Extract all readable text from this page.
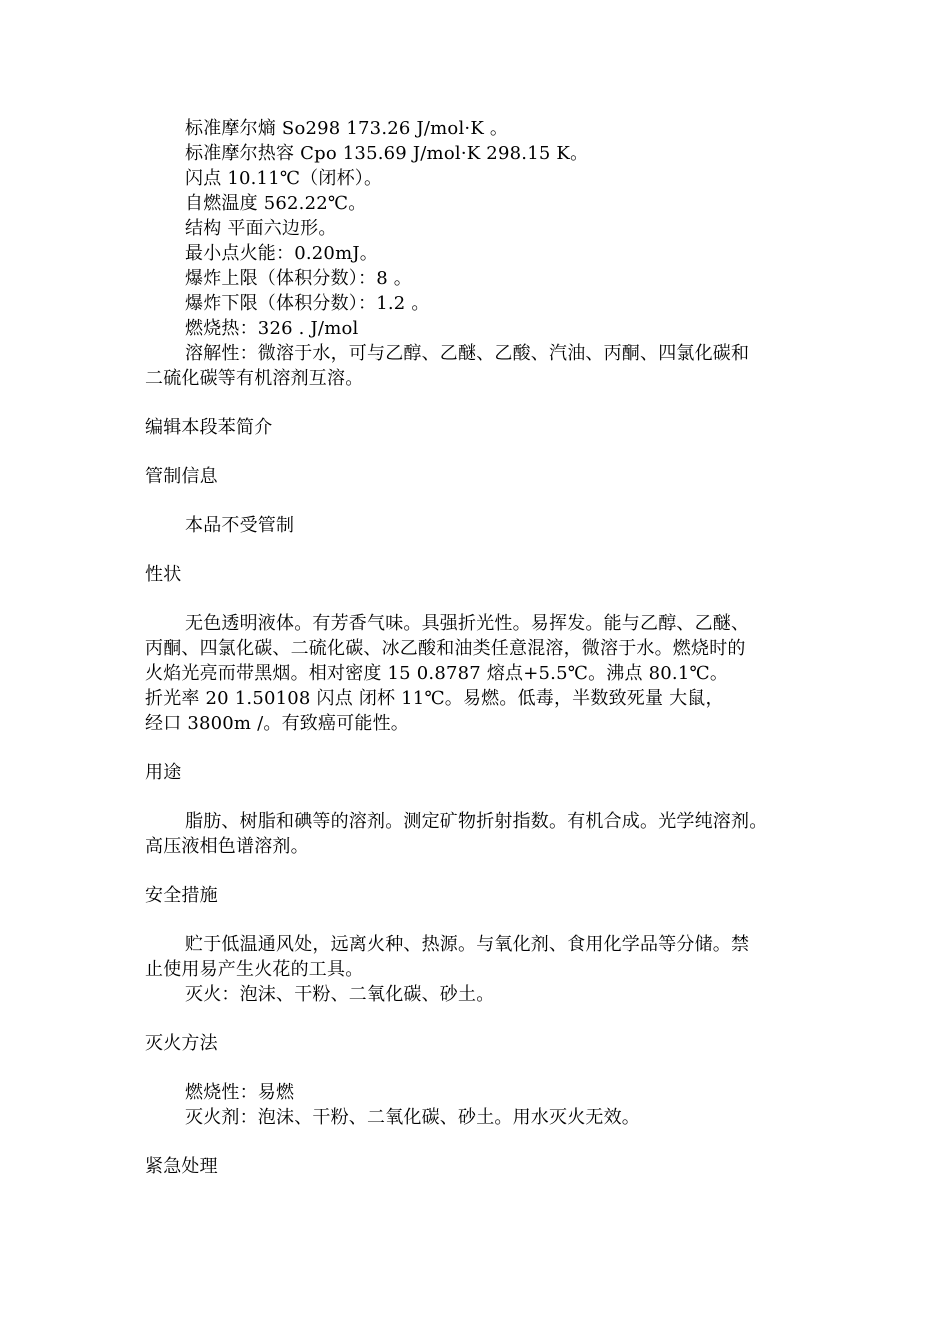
标准摩尔熵 So298 173.26 J/mol·K 。
标准摩尔热容 Cpo 135.69 J/mol·K 298.15 K。
闪点 10.11℃（闭杯）。
自燃温度 562.22℃。
结构 平面六边形。
最小点火能：0.20mJ。
爆炸上限（体积分数）：8 。
爆炸下限（体积分数）：1.2 。
燃烧热：326 . J/mol
溶解性：微溶于水，可与乙醇、乙醚、乙酸、汽油、丙酮、四氯化碳和
二硫化碳等有机溶剂互溶。
编辑本段苯简介
管制信息
本品不受管制
性状
无色透明液体。有芳香气味。具强折光性。易挥发。能与乙醇、乙醚、
丙酮、四氯化碳、二硫化碳、冰乙酸和油类任意混溶，微溶于水。燃烧时的
火焰光亮而带黑烟。相对密度 15 0.8787 熔点+5.5℃。沸点 80.1℃。
折光率 20 1.50108 闪点 闭杯 11℃。易燃。低毒，半数致死量 大鼠，
经口 3800m /。有致癌可能性。
用途
脂肪、树脂和碘等的溶剂。测定矿物折射指数。有机合成。光学纯溶剂。
高压液相色谱溶剂。
安全措施
贮于低温通风处，远离火种、热源。与氧化剂、食用化学品等分储。禁
止使用易产生火花的工具。
灭火：泡沫、干粉、二氧化碳、砂土。
灭火方法
燃烧性：易燃
灭火剂：泡沫、干粉、二氧化碳、砂土。用水灭火无效。
紧急处理
